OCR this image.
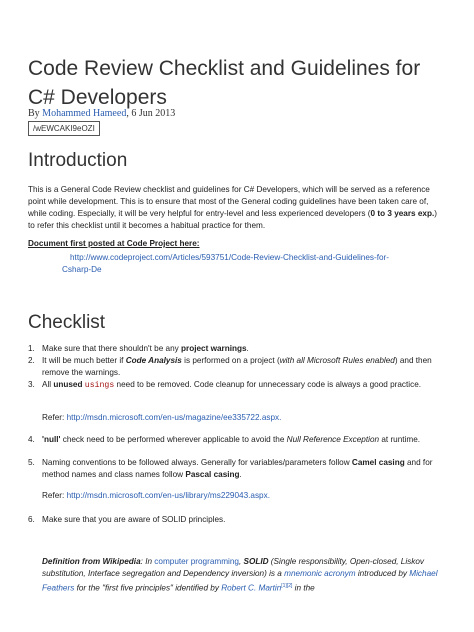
Code Review Checklist and Guidelines for C# Developers
By Mohammed Hameed, 6 Jun 2013
/wEWCAKI9eOZI
Introduction
This is a General Code Review checklist and guidelines for C# Developers, which will be served as a reference point while development. This is to ensure that most of the General coding guidelines have been taken care of, while coding. Especially, it will be very helpful for entry-level and less experienced developers (0 to 3 years exp.) to refer this checklist until it becomes a habitual practice for them.
Document first posted at Code Project here:
http://www.codeproject.com/Articles/593751/Code-Review-Checklist-and-Guidelines-for-
Csharp-De
Checklist
1. Make sure that there shouldn't be any project warnings.
2. It will be much better if Code Analysis is performed on a project (with all Microsoft Rules enabled) and then remove the warnings.
3. All unused usings need to be removed. Code cleanup for unnecessary code is always a good practice.
Refer: http://msdn.microsoft.com/en-us/magazine/ee335722.aspx.
4. 'null' check need to be performed wherever applicable to avoid the Null Reference Exception at runtime.
5. Naming conventions to be followed always. Generally for variables/parameters follow Camel casing and for method names and class names follow Pascal casing.
Refer: http://msdn.microsoft.com/en-us/library/ms229043.aspx.
6. Make sure that you are aware of SOLID principles.
Definition from Wikipedia: In computer programming, SOLID (Single responsibility, Open-closed, Liskov substitution, Interface segregation and Dependency inversion) is a mnemonic acronym introduced by Michael Feathers for the "first five principles" identified by Robert C. Martin[1][2] in the
